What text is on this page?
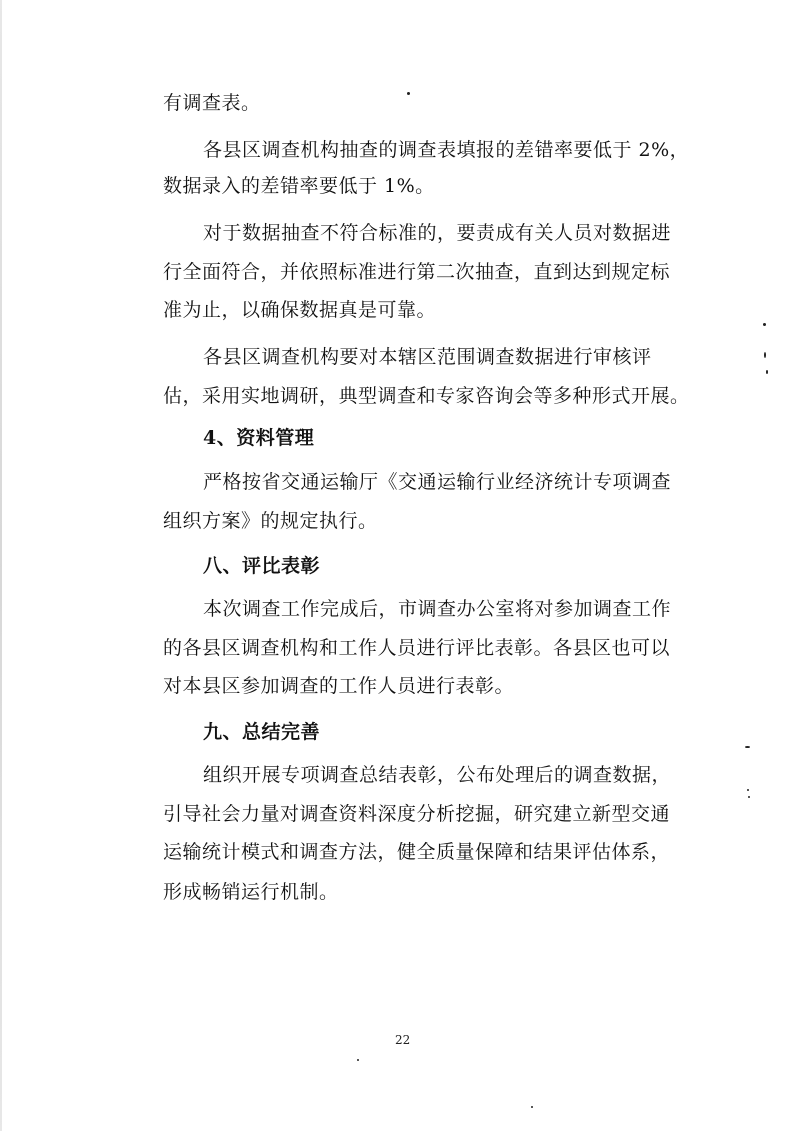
有调查表。
各县区调查机构抽查的调查表填报的差错率要低于 2%，
数据录入的差错率要低于 1%。
对于数据抽查不符合标准的，要责成有关人员对数据进
行全面符合，并依照标准进行第二次抽查，直到达到规定标
准为止，以确保数据真是可靠。
各县区调查机构要对本辖区范围调查数据进行审核评
估，采用实地调研，典型调查和专家咨询会等多种形式开展。
4、资料管理
严格按省交通运输厅《交通运输行业经济统计专项调查
组织方案》的规定执行。
八、评比表彰
本次调查工作完成后，市调查办公室将对参加调查工作
的各县区调查机构和工作人员进行评比表彰。各县区也可以
对本县区参加调查的工作人员进行表彰。
九、总结完善
组织开展专项调查总结表彰，公布处理后的调查数据，
引导社会力量对调查资料深度分析挖掘，研究建立新型交通
运输统计模式和调查方法，健全质量保障和结果评估体系，
形成畅销运行机制。
22
